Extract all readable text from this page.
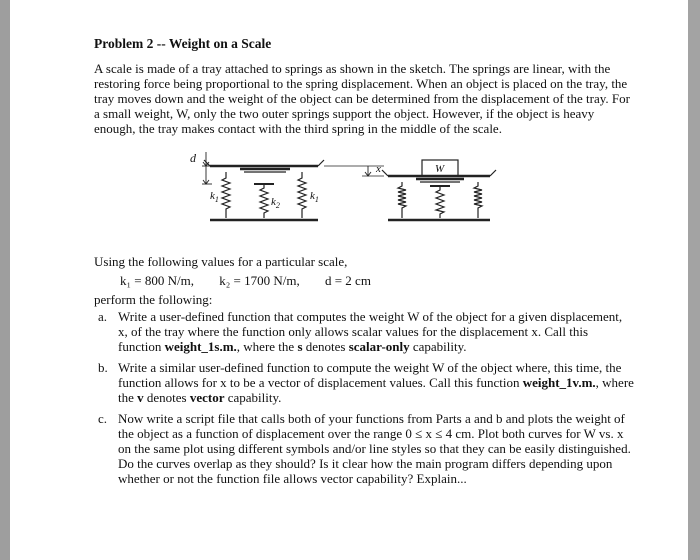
Problem 2 -- Weight on a Scale

A scale is made of a tray attached to springs as shown in the sketch. The springs are linear, with the restoring force being proportional to the spring displacement. When an object is placed on the tray, the tray moves down and the weight of the object can be determined from the displacement of the tray. For a small weight, W, only the two outer springs support the object. However, if the object is heavy enough, the tray makes contact with the third spring in the middle of the scale.

d
x	W
$k_1$	$k_2$
$k_1$

Using the following values for a particular scale,

k₁ = 800 N/m, k₂ = 1700 N/m, d = 2 cm

perform the following:

a. Write a user-defined function that computes the weight W of the object for a given displacement, x, of the tray where the function only allows scalar values for the displacement x. Call this function weight_1s.m., where the s denotes scalar-only capability.
b. Write a similar user-defined function to compute the weight W of the object where, this time, the function allows for x to be a vector of displacement values. Call this function weight_1v.m., where the v denotes vector capability.
c. Now write a script file that calls both of your functions from Parts a and b and plots the weight of the object as a function of displacement over the range 0 ≤ x ≤ 4 cm. Plot both curves for W vs. x on the same plot using different symbols and/or line styles so that they can be easily distinguished. Do the curves overlap as they should? Is it clear how the main program differs depending upon whether or not the function file allows vector capability? Explain...
